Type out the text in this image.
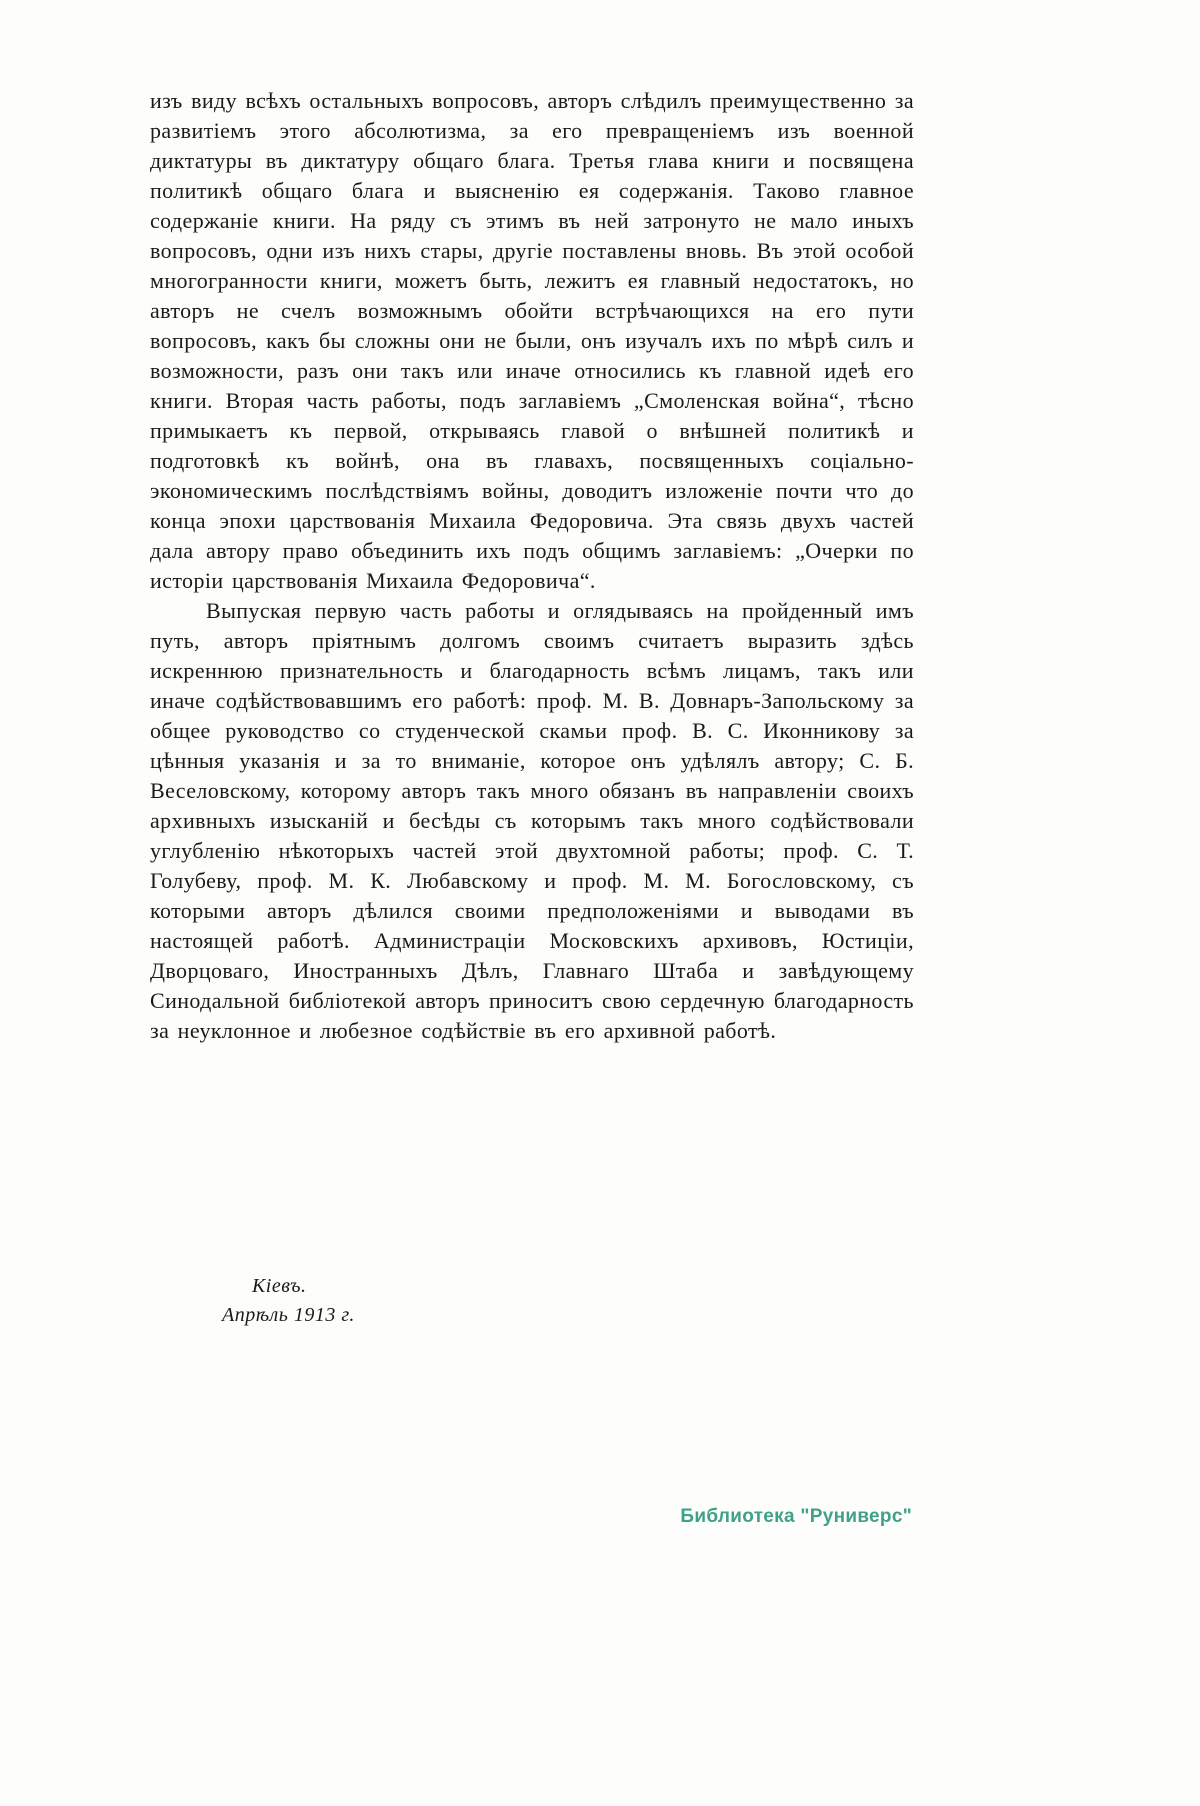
изъ виду всѣхъ остальныхъ вопросовъ, авторъ слѣдилъ преимущественно за развитіемъ этого абсолютизма, за его превращеніемъ изъ военной диктатуры въ диктатуру общаго блага. Третья глава книги и посвящена политикѣ общаго блага и выясненію ея содержанія. Таково главное содержаніе книги. На ряду съ этимъ въ ней затронуто не мало иныхъ вопросовъ, одни изъ нихъ стары, другіе поставлены вновь. Въ этой особой многогранности книги, можетъ быть, лежитъ ея главный недостатокъ, но авторъ не счелъ возможнымъ обойти встрѣчающихся на его пути вопросовъ, какъ бы сложны они не были, онъ изучалъ ихъ по мѣрѣ силъ и возможности, разъ они такъ или иначе относились къ главной идеѣ его книги. Вторая часть работы, подъ заглавіемъ „Смоленская война“, тѣсно примыкаетъ къ первой, открываясь главой о внѣшней политикѣ и подготовкѣ къ войнѣ, она въ главахъ, посвященныхъ соціально-экономическимъ послѣдствіямъ войны, доводитъ изложеніе почти что до конца эпохи царствованія Михаила Федоровича. Эта связь двухъ частей дала автору право объединить ихъ подъ общимъ заглавіемъ: „Очерки по исторіи царствованія Михаила Федоровича“.

Выпуская первую часть работы и оглядываясь на пройденный имъ путь, авторъ пріятнымъ долгомъ своимъ считаетъ выразить здѣсь искреннюю признательность и благодарность всѣмъ лицамъ, такъ или иначе содѣйствовавшимъ его работѣ: проф. М. В. Довнаръ-Запольскому за общее руководство со студенческой скамьи проф. В. С. Иконникову за цѣнныя указанія и за то вниманіе, которое онъ удѣлялъ автору; С. Б. Веселовскому, которому авторъ такъ много обязанъ въ направленіи своихъ архивныхъ изысканій и бесѣды съ которымъ такъ много содѣйствовали углубленію нѣкоторыхъ частей этой двухтомной работы; проф. С. Т. Голубеву, проф. М. К. Любавскому и проф. М. М. Богословскому, съ которыми авторъ дѣлился своими предположеніями и выводами въ настоящей работѣ. Администраціи Московскихъ архивовъ, Юстиціи, Дворцоваго, Иностранныхъ Дѣлъ, Главнаго Штаба и завѣдующему Синодальной библіотекой авторъ приноситъ свою сердечную благодарность за неуклонное и любезное содѣйствіе въ его архивной работѣ.

Кіевъ.
Апрѣль 1913 г.
Библиотека "Руниверс"
